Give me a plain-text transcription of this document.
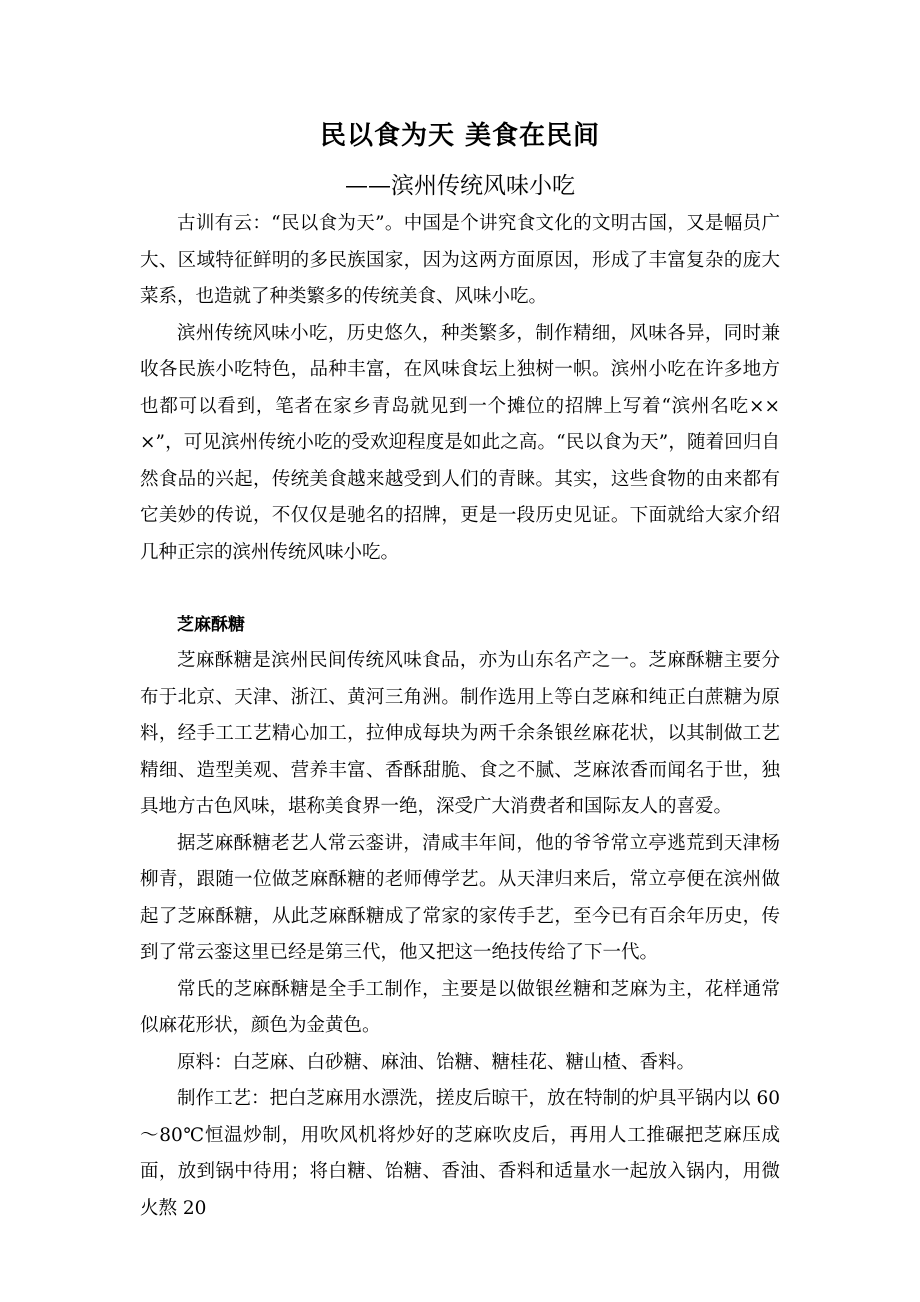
民以食为天 美食在民间
——滨州传统风味小吃

古训有云：“民以食为天”。中国是个讲究食文化的文明古国，又是幅员广大、区域特征鲜明的多民族国家，因为这两方面原因，形成了丰富复杂的庞大菜系，也造就了种类繁多的传统美食、风味小吃。

滨州传统风味小吃，历史悠久，种类繁多，制作精细，风味各异，同时兼收各民族小吃特色，品种丰富，在风味食坛上独树一帜。滨州小吃在许多地方也都可以看到，笔者在家乡青岛就见到一个摊位的招牌上写着“滨州名吃×××”，可见滨州传统小吃的受欢迎程度是如此之高。“民以食为天”，随着回归自然食品的兴起，传统美食越来越受到人们的青睐。其实，这些食物的由来都有它美妙的传说，不仅仅是驰名的招牌，更是一段历史见证。下面就给大家介绍几种正宗的滨州传统风味小吃。

芝麻酥糖

芝麻酥糖是滨州民间传统风味食品，亦为山东名产之一。芝麻酥糖主要分布于北京、天津、浙江、黄河三角洲。制作选用上等白芝麻和纯正白蔗糖为原料，经手工工艺精心加工，拉伸成每块为两千余条银丝麻花状，以其制做工艺精细、造型美观、营养丰富、香酥甜脆、食之不腻、芝麻浓香而闻名于世，独具地方古色风味，堪称美食界一绝，深受广大消费者和国际友人的喜爱。

据芝麻酥糖老艺人常云銮讲，清咸丰年间，他的爷爷常立亭逃荒到天津杨柳青，跟随一位做芝麻酥糖的老师傅学艺。从天津归来后，常立亭便在滨州做起了芝麻酥糖，从此芝麻酥糖成了常家的家传手艺，至今已有百余年历史，传到了常云銮这里已经是第三代，他又把这一绝技传给了下一代。

常氏的芝麻酥糖是全手工制作，主要是以做银丝糖和芝麻为主，花样通常似麻花形状，颜色为金黄色。

原料：白芝麻、白砂糖、麻油、饴糖、糖桂花、糖山楂、香料。

制作工艺：把白芝麻用水漂洗，搓皮后晾干，放在特制的炉具平锅内以 60～80℃恒温炒制，用吹风机将炒好的芝麻吹皮后，再用人工推碾把芝麻压成面，放到锅中待用；将白糖、饴糖、香油、香料和适量水一起放入锅内，用微火熬 20
